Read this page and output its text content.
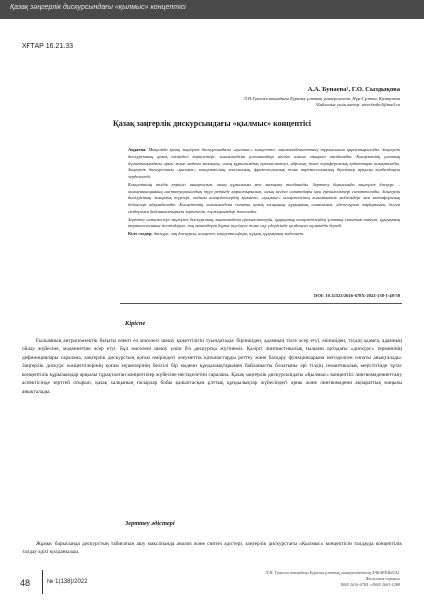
Қазақ зәңгерлік дискурсындағы «қылмыс» концептісі
ХҒТАР 16.21.33
А.А. Бунаева¹, Г.О. Сыздықова
Л.Н.Гумилев атындағы Еуразия ұлттық университеті, Нұр-Сұлтан, Қазақстан
¹Байланыс үшін автор: aina-baibol@mail.ru
Қазақ заңгерлік дискурсындағы «қылмыс» концептісі

Аңдатпа. Мақалада қазақ заңгерлік дискурсындағы «қылмыс» концептісі лингвомәдениеттану тұрғысынан қарастырылады. Заңгерлік дискурсының қазақ тіліндегі көріністері, лингвомәдени ұстанымдар негізге алына отырып талданады. Концептінің ұлттық дүниетанымдағы орны және мәдени мазмұны, оның құрылымдық ерекшеліктері, ядролық және перифериялық қабаттары анықталады. Заңгерлік дискурстағы «қылмыс» концептісінің лексикалық, фразеологиялық және паремиологиялық бірліктер арқылы вербалдануы зерделенеді.

Концептінің тілдік көрінісі анықталып, оның құрылымы мен мазмұны талданады. Зерттеу барысында заңгерлік дискурс – коммуникацияның институционалдық түрі ретінде қарастырылып, оның негізгі сипаттары мен ерекшеліктері сипатталады. Заңгерлік дискурстың жанрлық түрлері, ондағы концептілердің қызметі, «қылмыс» концептісінің когнитивтік модельдері мен метафоралық бейнелері айқындалады. Концептінің лингвомәдени сипаты қазақ халқының құқықтық санасымен, әдет-ғұрып заңдарымен, билер сөздерімен байланыстырыла зерттеліп, тұжырымдар жасалады.

Зерттеу нәтижелері заңгерлік дискурстың лингвомәдени ерекшеліктерін, құқықтық концептілердің ұлттық сипатын тануға, құқықтық терминологияны жетілдіруге, заң мәтіндерін дұрыс түсінуге және оқу үдерісінде қолдануға мүмкіндік береді.

Кілт сөздер: дискурс, заң дискурсы, концепт, концептосфера, құқық, құқықтық мәдениет.

DOI: 10.32523/2616-678X-2022-138-1-48-58
Кіріспе

Ғылымның антропоөзектік бағыты өзекті ел мәселесі шешу қажеттілігін туындатады: біріншіден, адамның тілге әсер етуі, екіншіден, тілдің адамға, адамның ойлау жүйесіне, мәдениетіне әсер етуі. Бұл мәселені шешу үшін біз дискурсқа жүгінеміз. Қазіргі лингвистикалық ғылыми ортадағы «дискурс» терминінің дефинициялары саралана, заңгерлік дискурстың қоғам өміріндегі әлеуметтік қатынастарды реттеу және басқару функцияларына негізделген сипаты анықталады. Заңгерлік дискурс концептілерінің қоғам мүшелерінің белгілі бір мәдени құндылықтарымен байланысты болатыны әрі тілдің семантикалық кеңістігінде тұтас концептілік құрылымдар арқылы тұрақталған концептілер жүйесіне негізделетіні саралана. Қазақ заңгерлік дискурсындағы «Қылмыс» концептісі лингвомәдениеттану аспектісінде зерттей отырып, қазақ халқының ғасырлар бойы қалыптасқан ұлттық құндылықтар жүйесіндегі орны және лингвомәдени ақпараттық маңызы анықталады.

Зерттеу әдістері

Жұмыс барысында дискурстың табиғатын ашу мақсатында анализ және синтез әдістері, заңгерлік дискурстағы «Қылмыс» концептісін талдауда концептілік талдау әдісі қолданылды.

48	№ 1(138)/2022
Л.Н. Гумилев атындағы Еуразия ұлттық университетінің ХАБАРШЫСЫ.
Филология сериясы
ISSN 2616-678X. eISSN 2663-1288
